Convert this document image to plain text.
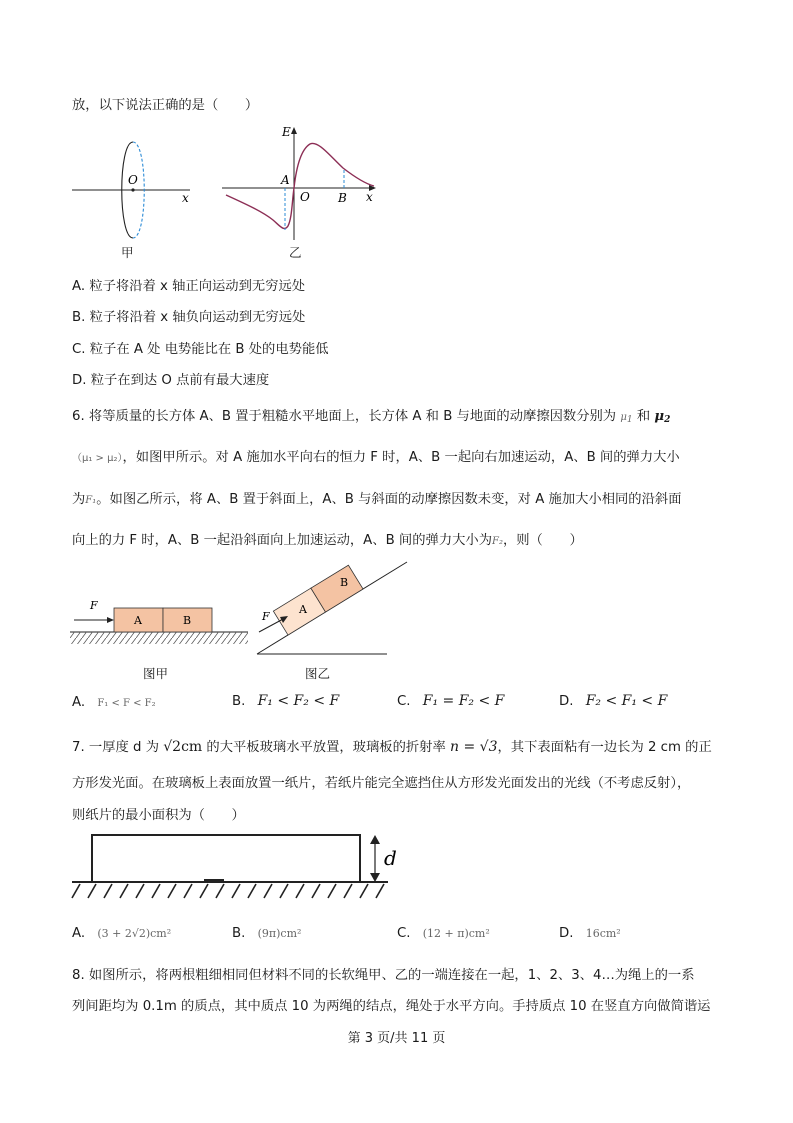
放，以下说法正确的是（　　）
O
x
甲
E
A
O B x
乙
A. 粒子将沿着 x 轴正向运动到无穷远处
B. 粒子将沿着 x 轴负向运动到无穷远处
C. 粒子在 A 处 电势能比在 B 处的电势能低
D. 粒子在到达 O 点前有最大速度
6. 将等质量的长方体 A、B 置于粗糙水平地面上，长方体 A 和 B 与地面的动摩擦因数分别为 μ1 和 $\mu_2$
（μ₁ > μ₂），如图甲所示。对 A 施加水平向右的恒力 F 时，A、B 一起向右加速运动，A、B 间的弹力大小
为F₁。如图乙所示，将 A、B 置于斜面上，A、B 与斜面的动摩擦因数未变，对 A 施加大小相同的沿斜面
向上的力 F 时，A、B 一起沿斜面向上加速运动，A、B 间的弹力大小为F₂，则（　　）
F
A	B
图甲
F
A
B
图乙
A. F₁ < F < F₂	B. F₁ < F₂ < F	C. F₁ = F₂ < F	D. F₂ < F₁ < F
7. 一厚度 d 为 √2cm 的大平板玻璃水平放置，玻璃板的折射率 n = √3，其下表面粘有一边长为 2 cm 的正
方形发光面。在玻璃板上表面放置一纸片，若纸片能完全遮挡住从方形发光面发出的光线（不考虑反射），
则纸片的最小面积为（　　）
d
A. (3 + 2√2)cm²	B. (9π)cm²	C. (12 + π)cm²	D. 16cm²
8. 如图所示，将两根粗细相同但材料不同的长软绳甲、乙的一端连接在一起，1、2、3、4…为绳上的一系
列间距均为 0.1m 的质点，其中质点 10 为两绳的结点，绳处于水平方向。手持质点 10 在竖直方向做简谐运
第 3 页/共 11 页
